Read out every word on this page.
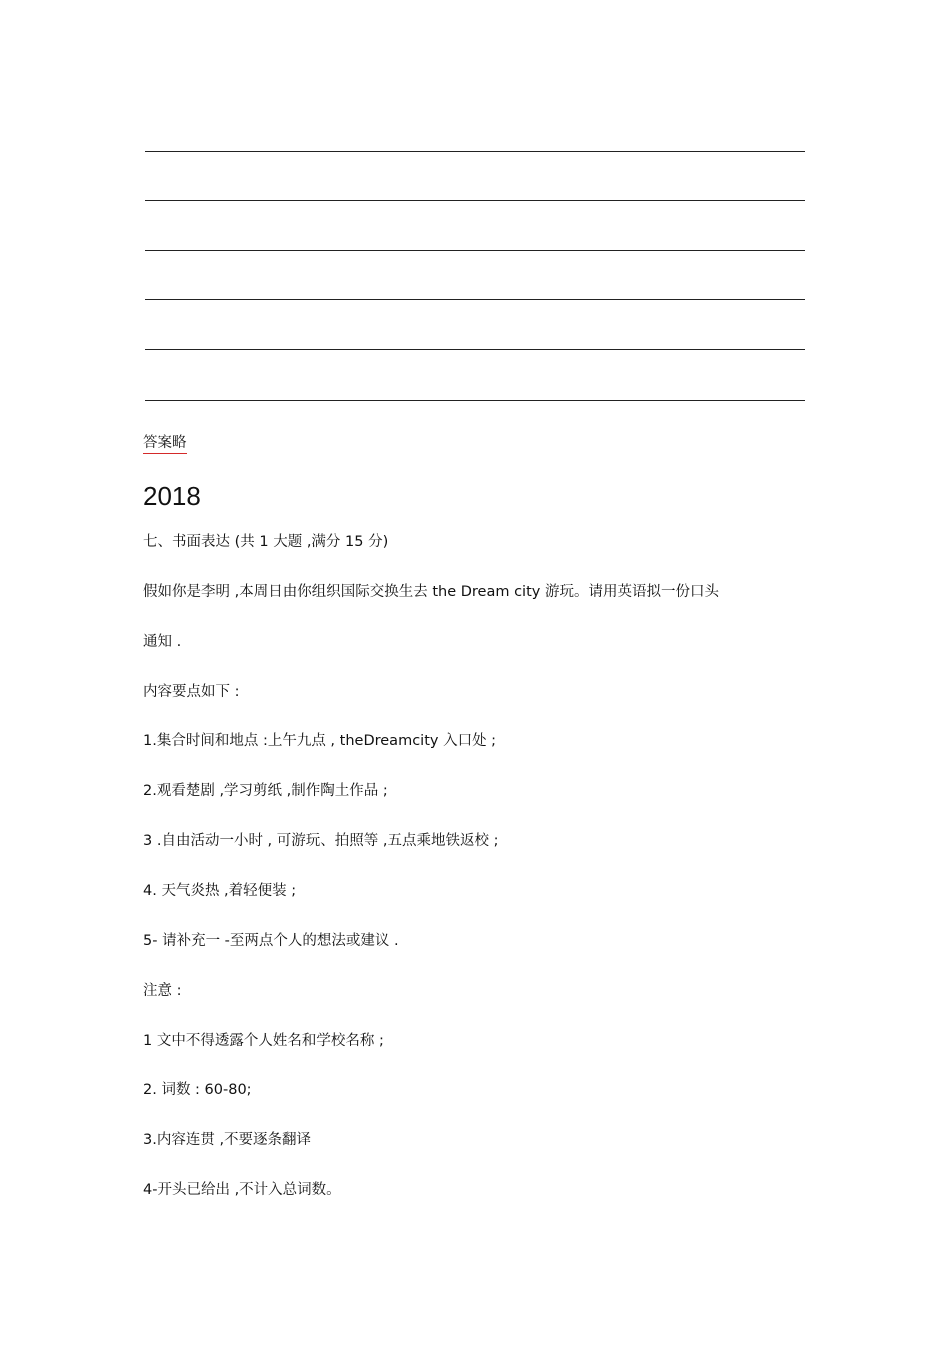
答案略
2018
七、书面表达 (共 1 大题 ,满分 15 分)
假如你是李明 ,本周日由你组织国际交换生去 the Dream city 游玩。请用英语拟一份口头
通知 .
内容要点如下 :
1.集合时间和地点 :上午九点 , theDreamcity 入口处 ;
2.观看楚剧 ,学习剪纸 ,制作陶土作品 ;
3 .自由活动一小时 , 可游玩、拍照等 ,五点乘地铁返校 ;
4. 天气炎热 ,着轻便装 ;
5- 请补充一 -至两点个人的想法或建议 .
注意 :
1 文中不得透露个人姓名和学校名称 ;
2. 词数 : 60-80;
3.内容连贯 ,不要逐条翻译
4-开头已给出 ,不计入总词数。
